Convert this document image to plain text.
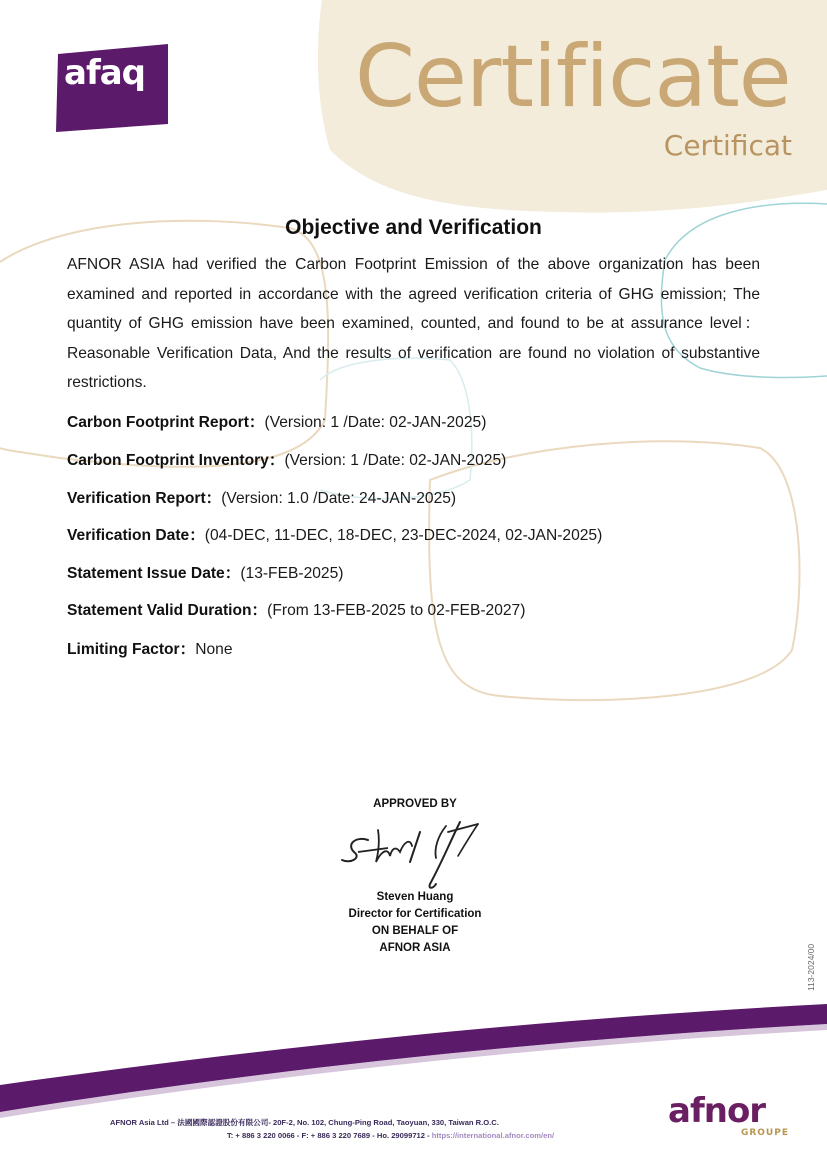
afaq Certificate
Certificat
Objective and Verification
AFNOR ASIA had verified the Carbon Footprint Emission of the above organization has been examined and reported in accordance with the agreed verification criteria of GHG emission; The quantity of GHG emission have been examined, counted, and found to be at assurance level：Reasonable Verification Data, And the results of verification are found no violation of substantive restrictions.
Carbon Footprint Report：(Version: 1 /Date: 02-JAN-2025)
Carbon Footprint Inventory：(Version: 1 /Date: 02-JAN-2025)
Verification Report：(Version: 1.0 /Date: 24-JAN-2025)
Verification Date：(04-DEC, 11-DEC, 18-DEC, 23-DEC-2024, 02-JAN-2025)
Statement Issue Date：(13-FEB-2025)
Statement Valid Duration：(From 13-FEB-2025 to 02-FEB-2027)
Limiting Factor：None
APPROVED BY
Steven Huang
Director for Certification
ON BEHALF OF
AFNOR ASIA	113-2024/00
AFNOR Asia Ltd – 法國國際認證股份有限公司- 20F-2, No. 102, Chung-Ping Road, Taoyuan, 330, Taiwan R.O.C.
T: + 886 3 220 0066 - F: + 886 3 220 7689 - Ho. 29099712 - https://international.afnor.com/en/
afnor
GROUPE
